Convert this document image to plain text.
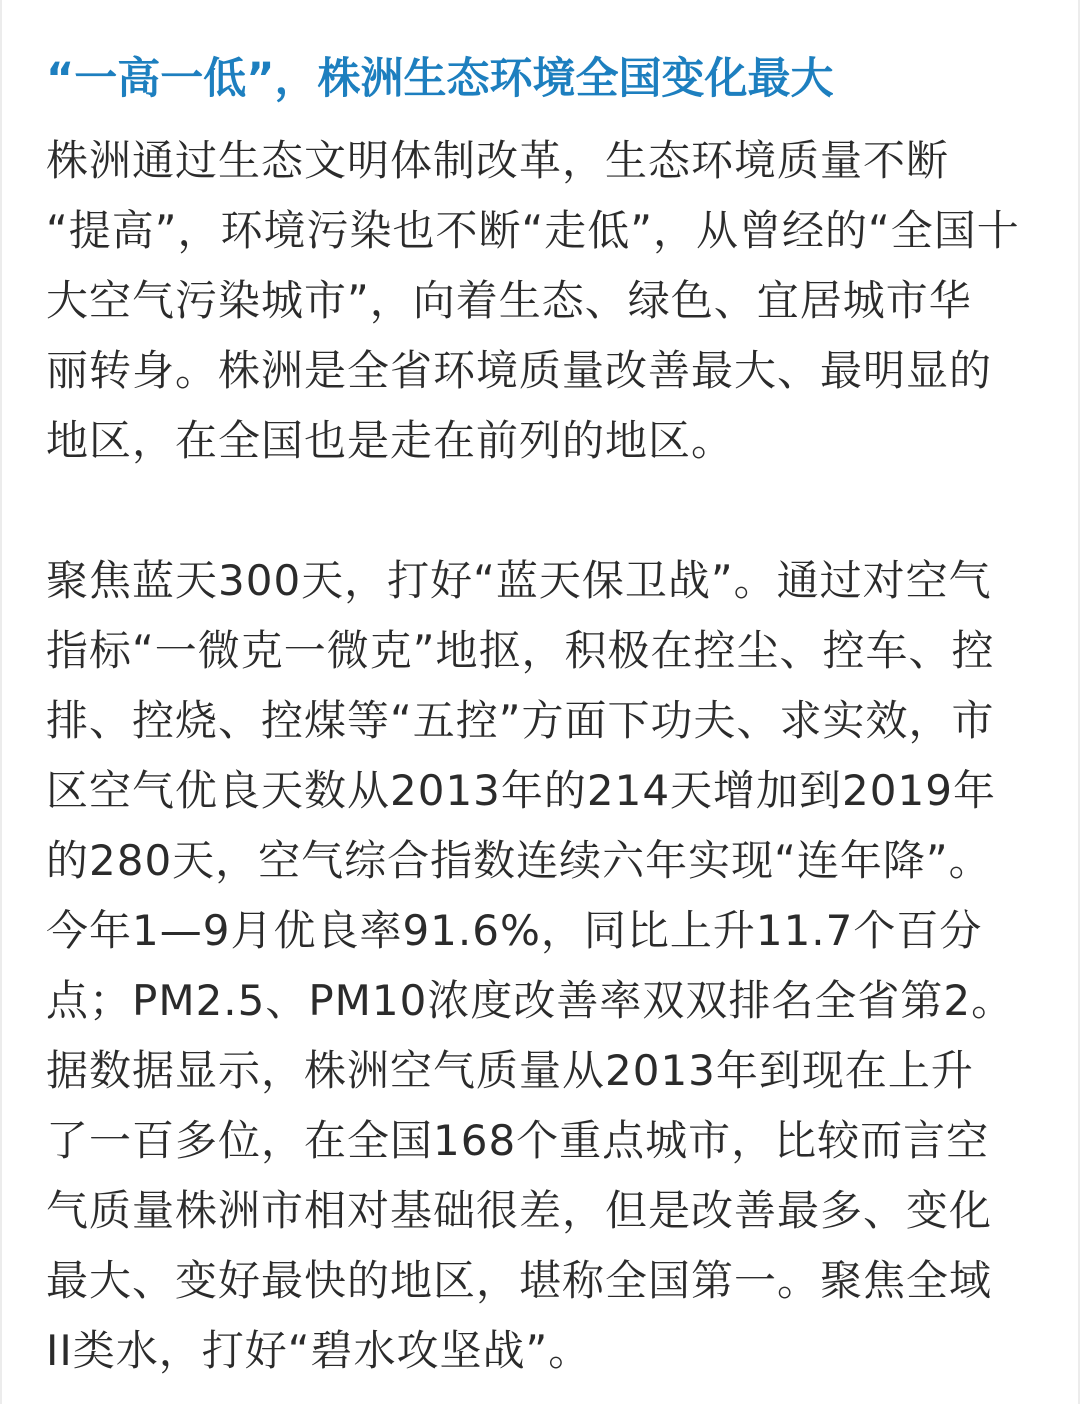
“一高一低”，株洲生态环境全国变化最大
株洲通过生态文明体制改革，生态环境质量不断
“提高”，环境污染也不断“走低”，从曾经的“全国十
大空气污染城市”，向着生态、绿色、宜居城市华
丽转身。株洲是全省环境质量改善最大、最明显的
地区，在全国也是走在前列的地区。
聚焦蓝天300天，打好“蓝天保卫战”。通过对空气
指标“一微克一微克”地抠，积极在控尘、控车、控
排、控烧、控煤等“五控”方面下功夫、求实效，市
区空气优良天数从2013年的214天增加到2019年
的280天，空气综合指数连续六年实现“连年降”。
今年1—9月优良率91.6%，同比上升11.7个百分
点；PM2.5、PM10浓度改善率双双排名全省第2。
据数据显示，株洲空气质量从2013年到现在上升
了一百多位，在全国168个重点城市，比较而言空
气质量株洲市相对基础很差，但是改善最多、变化
最大、变好最快的地区，堪称全国第一。聚焦全域
II类水，打好“碧水攻坚战”。
